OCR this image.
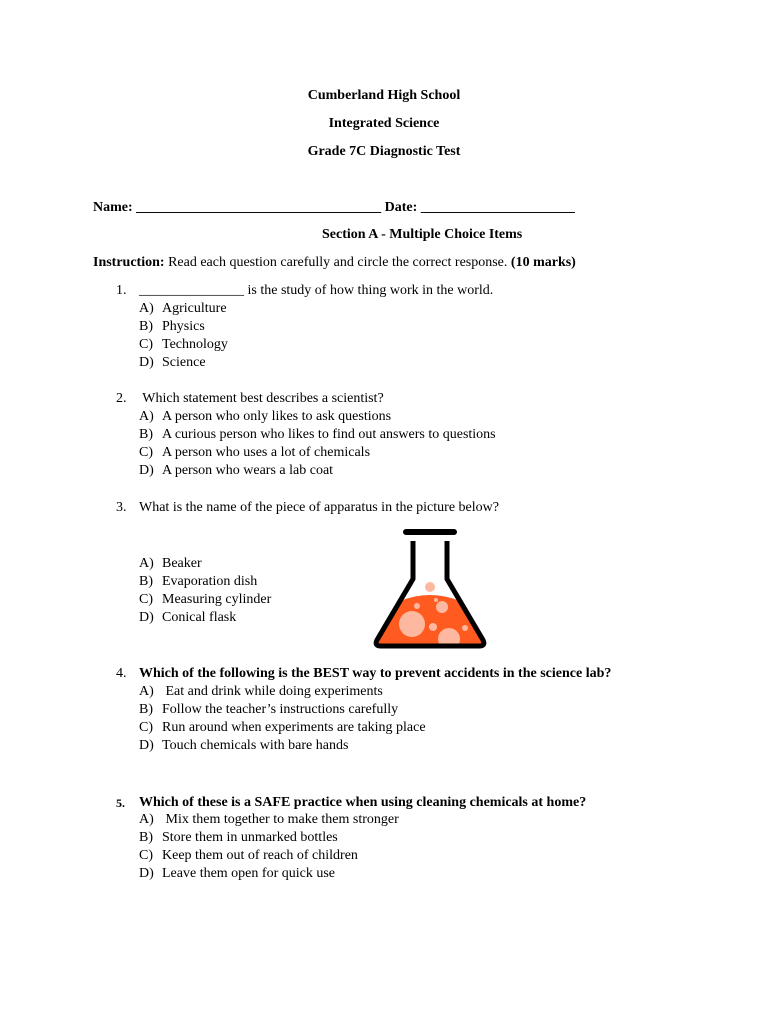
Cumberland High School
Integrated Science
Grade 7C Diagnostic Test
Name: ___________________________________ Date: ______________________
Section A - Multiple Choice Items
Instruction: Read each question carefully and circle the correct response. (10 marks)
1. _______________ is the study of how thing work in the world.
A) Agriculture
B) Physics
C) Technology
D) Science
2. Which statement best describes a scientist?
A) A person who only likes to ask questions
B) A curious person who likes to find out answers to questions
C) A person who uses a lot of chemicals
D) A person who wears a lab coat
3. What is the name of the piece of apparatus in the picture below?
A) Beaker
B) Evaporation dish
C) Measuring cylinder
D) Conical flask
4. Which of the following is the BEST way to prevent accidents in the science lab?
A) Eat and drink while doing experiments
B) Follow the teacher’s instructions carefully
C) Run around when experiments are taking place
D) Touch chemicals with bare hands
5. Which of these is a SAFE practice when using cleaning chemicals at home?
A) Mix them together to make them stronger
B) Store them in unmarked bottles
C) Keep them out of reach of children
D) Leave them open for quick use
